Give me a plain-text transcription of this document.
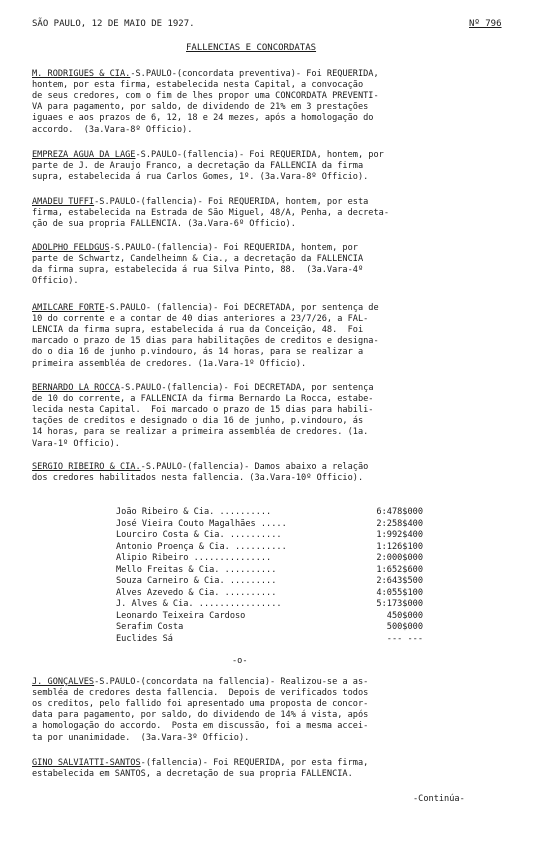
SÃO PAULO, 12 DE MAIO DE 1927.	Nº 796
FALLENCIAS E CONCORDATAS
M. RODRIGUES & CIA.-S.PAULO-(concordata preventiva)- Foi REQUERIDA,
hontem, por esta firma, estabelecida nesta Capital, a convocação
de seus credores, com o fim de lhes propor uma CONCORDATA PREVENTI-
VA para pagamento, por saldo, de dividendo de 21% em 3 prestações
iguaes e aos prazos de 6, 12, 18 e 24 mezes, após a homologação do
accordo.  (3a.Vara-8º Officio).
EMPREZA AGUA DA LAGE-S.PAULO-(fallencia)- Foi REQUERIDA, hontem, por
parte de J. de Araujo Franco, a decretação da FALLENCIA da firma
supra, estabelecida á rua Carlos Gomes, 1º. (3a.Vara-8º Officio).
AMADEU TUFFI-S.PAULO-(fallencia)- Foi REQUERIDA, hontem, por esta
firma, estabelecida na Estrada de São Miguel, 48/A, Penha, a decreta-
ção de sua propria FALLENCIA. (3a.Vara-6º Officio).
ADOLPHO FELDGUS-S.PAULO-(fallencia)- Foi REQUERIDA, hontem, por
parte de Schwartz, Candelheimn & Cia., a decretação da FALLENCIA
da firma supra, estabelecida á rua Silva Pinto, 88.  (3a.Vara-4º
Officio).
AMILCARE FORTE-S.PAULO- (fallencia)- Foi DECRETADA, por sentença de
10 do corrente e a contar de 40 dias anteriores a 23/7/26, a FAL-
LENCIA da firma supra, estabelecida á rua da Conceição, 48.  Foi
marcado o prazo de 15 dias para habilitações de creditos e designa-
do o dia 16 de junho p.vindouro, ás 14 horas, para se realizar a
primeira assembléa de credores. (1a.Vara-1º Officio).
BERNARDO LA ROCCA-S.PAULO-(fallencia)- Foi DECRETADA, por sentença
de 10 do corrente, a FALLENCIA da firma Bernardo La Rocca, estabe-
lecida nesta Capital.  Foi marcado o prazo de 15 dias para habili-
tações de creditos e designado o dia 16 de junho, p.vindouro, ás
14 horas, para se realizar a primeira assembléa de credores. (1a.
Vara-1º Officio).
SERGIO RIBEIRO & CIA.-S.PAULO-(fallencia)- Damos abaixo a relação
dos credores habilitados nesta fallencia. (3a.Vara-10º Officio).
João Ribeiro & Cia. ..........	6:478$000
José Vieira Couto Magalhães .....	2:258$400
Lourciro Costa & Cia. ..........	1:992$400
Antonio Proença & Cia. ..........	1:126$100
Alipio Ribeiro ...............	2:000$000
Mello Freitas & Cia. ..........	1:652$600
Souza Carneiro & Cia. .........	2:643$500
Alves Azevedo & Cia. ..........	4:055$100
J. Alves & Cia. ................	5:173$000
Leonardo Teixeira Cardoso	450$000
Serafim Costa	500$000
Euclides Sá	--- ---
-o-
J. GONÇALVES-S.PAULO-(concordata na fallencia)- Realizou-se a as-
sembléa de credores desta fallencia.  Depois de verificados todos
os creditos, pelo fallido foi apresentado uma proposta de concor-
data para pagamento, por saldo, do dividendo de 14% á vista, após
a homologação do accordo.  Posta em discussão, foi a mesma accei-
ta por unanimidade.  (3a.Vara-3º Officio).
GINO SALVIATTI-SANTOS-(fallencia)- Foi REQUERIDA, por esta firma,
estabelecida em SANTOS, a decretação de sua propria FALLENCIA.
-Continúa-
